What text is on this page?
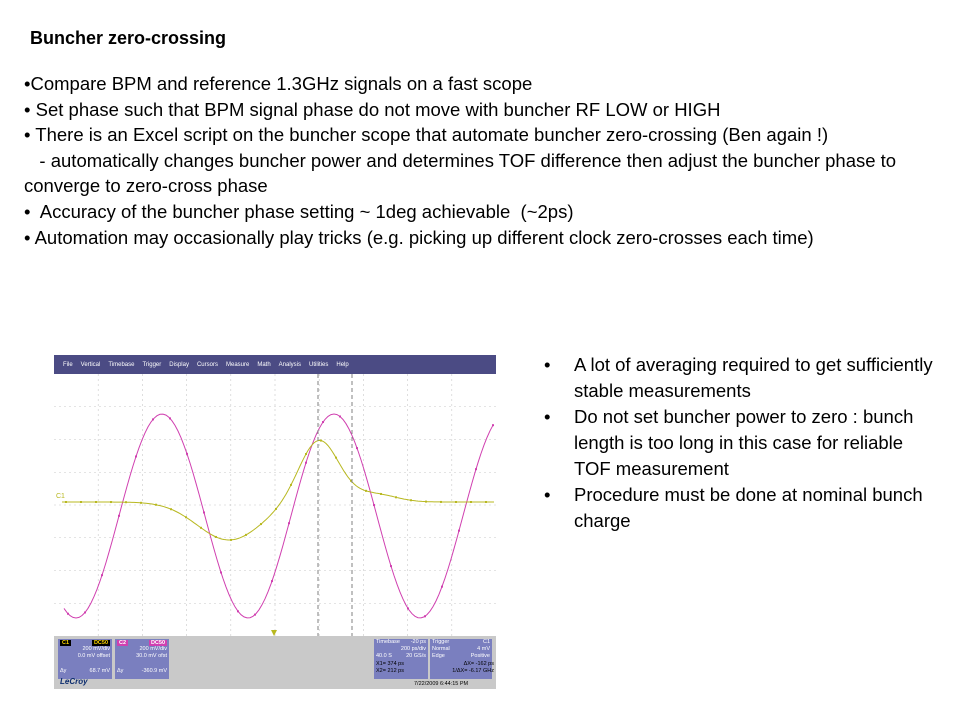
Buncher zero-crossing
•Compare BPM and reference 1.3GHz signals on a fast scope
• Set phase such that BPM signal phase do not move with buncher RF LOW or HIGH
• There is an Excel script on the buncher scope that automate buncher zero-crossing (Ben again !)
- automatically changes buncher power and determines TOF difference then adjust the buncher phase to converge to zero-cross phase
•  Accuracy of the buncher phase setting ~ 1deg achievable  (~2ps)
• Automation may occasionally play tricks (e.g. picking up different clock zero-crosses each time)
File Vertical Timebase Trigger Display Cursors Measure Math Analysis Utilities Help
C1
C1	DC50
200 mV/div
0.0 mV offset
Δy	68.7 mV
C2	DC50
200 mV/div
30.0 mV ofst
Δy	-360.9 mV
Timebase -20 ps
200 ps/div
40.0 S	20 GS/s
Trigger	C1
Normal	4 mV
Edge	Positive
X1= 374 ps	ΔX= -162 ps
X2= 212 ps	1/ΔX= -6.17 GHz
LeCroy	7/22/2009 6:44:15 PM
• A lot of averaging required to get sufficiently stable measurements
• Do not set buncher power to zero : bunch length is too long in this case for reliable TOF measurement
• Procedure must be done at nominal bunch charge
